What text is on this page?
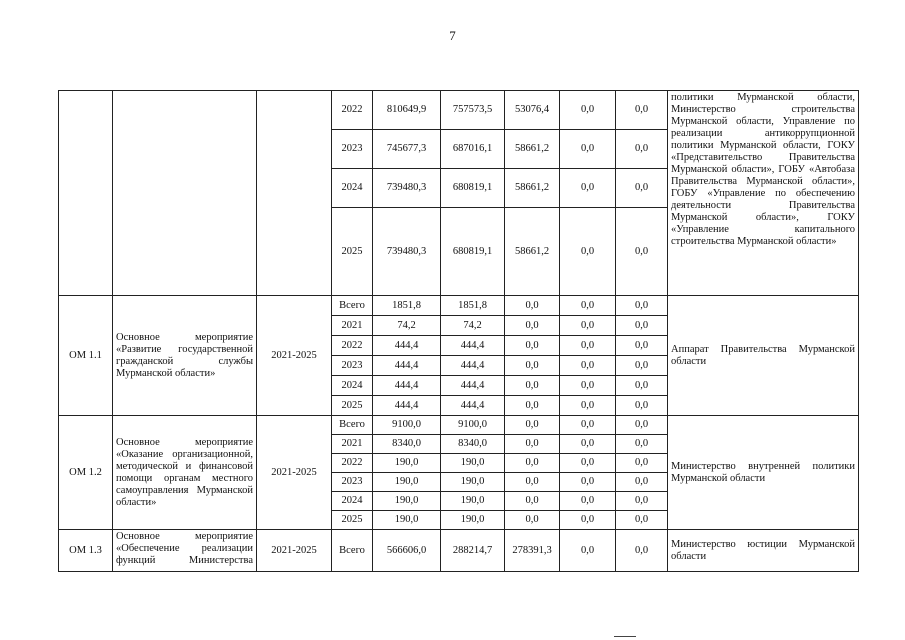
7
			2022	810649,9	757573,5	53076,4	0,0	0,0	политики Мурманской области, Министерство строительства Мурманской области, Управление по реализации антикоррупционной политики Мурманской области, ГОКУ «Представительство Правительства Мурманской области», ГОБУ «Автобаза Правительства Мурманской области», ГОБУ «Управление по обеспечению деятельности Правительства Мурманской области», ГОКУ «Управление капитального строительства Мурманской области»
			2023	745677,3	687016,1	58661,2	0,0	0,0	
			2024	739480,3	680819,1	58661,2	0,0	0,0	
			2025	739480,3	680819,1	58661,2	0,0	0,0	
ОМ 1.1	Основное мероприятие «Развитие государственной гражданской службы Мурманской области»	2021-2025	Всего	1851,8	1851,8	0,0	0,0	0,0	Аппарат Правительства Мурманской области
			2021	74,2	74,2	0,0	0,0	0,0	
			2022	444,4	444,4	0,0	0,0	0,0	
			2023	444,4	444,4	0,0	0,0	0,0	
			2024	444,4	444,4	0,0	0,0	0,0	
			2025	444,4	444,4	0,0	0,0	0,0	
ОМ 1.2	Основное мероприятие «Оказание организационной, методической и финансовой помощи органам местного самоуправления Мурманской области»	2021-2025	Всего	9100,0	9100,0	0,0	0,0	0,0	Министерство внутренней политики Мурманской области
			2021	8340,0	8340,0	0,0	0,0	0,0	
			2022	190,0	190,0	0,0	0,0	0,0	
			2023	190,0	190,0	0,0	0,0	0,0	
			2024	190,0	190,0	0,0	0,0	0,0	
			2025	190,0	190,0	0,0	0,0	0,0	
ОМ 1.3	Основное мероприятие «Обеспечение реализации функций Министерства	2021-2025	Всего	566606,0	288214,7	278391,3	0,0	0,0	Министерство юстиции Мурманской области
